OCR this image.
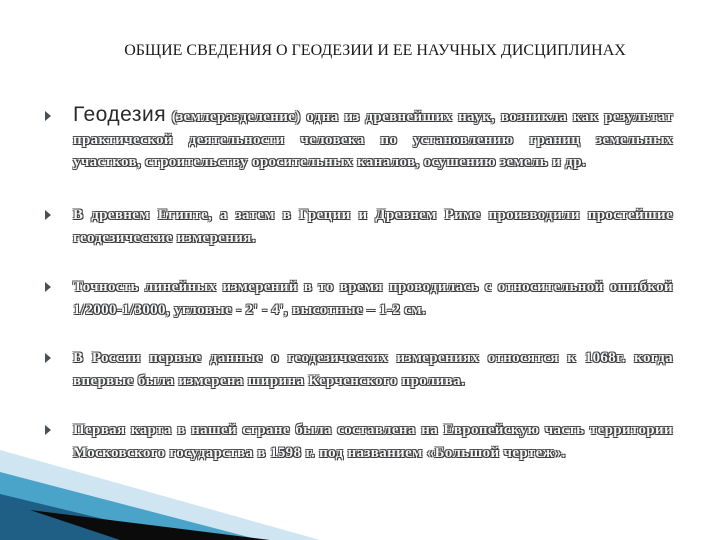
ОБЩИЕ СВЕДЕНИЯ О ГЕОДЕЗИИ И ЕЕ НАУЧНЫХ ДИСЦИПЛИНАХ
Геодезия (землеразделение) одна из древнейших наук, возникла как результат практической деятельности человека по установлению границ земельных участков, строительству оросительных каналов, осушению земель и др.
В древнем Египте, а затем в Греции и Древнем Риме производили простейшие геодезические измерения.
Точность линейных измерений в то время проводилась с относительной ошибкой 1/2000-1/3000, угловые - 2' - 4', высотные – 1-2 см.
В России первые данные о геодезических измерениях относятся к 1068г. когда впервые была измерена ширина Керченского пролива.
Первая карта в нашей стране была составлена на Европейскую часть территории Московского государства в 1598 г. под названием «Большой чертеж».
